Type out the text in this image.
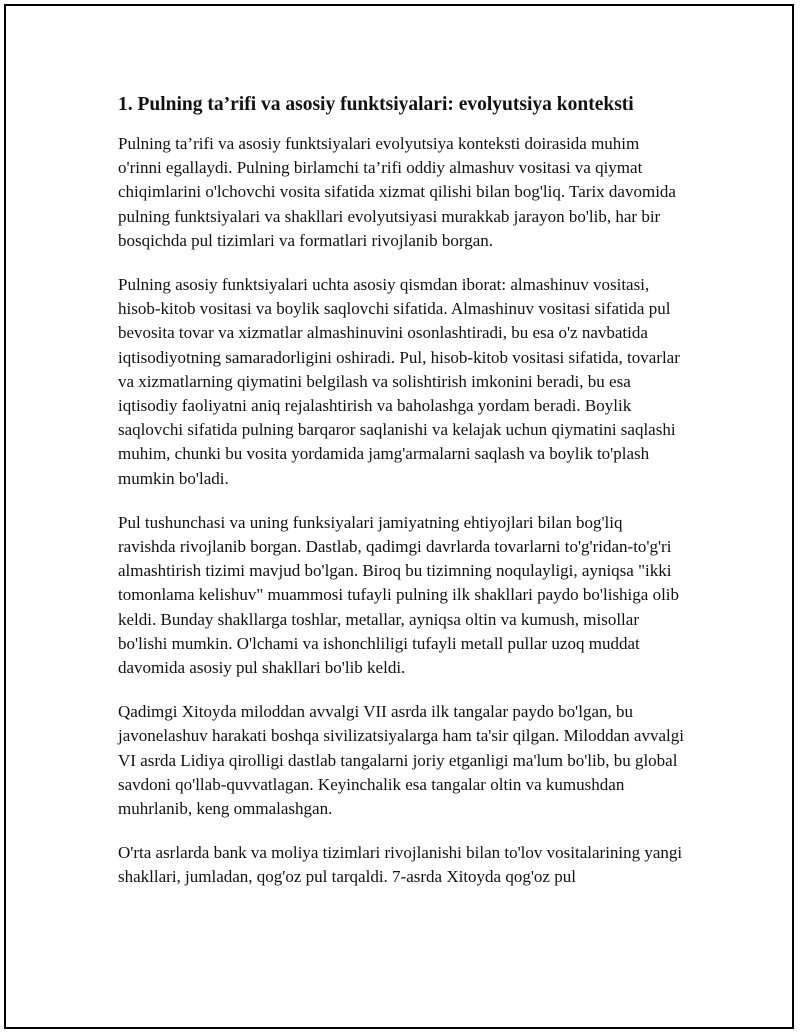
1. Pulning ta’rifi va asosiy funktsiyalari: evolyutsiya konteksti

Pulning ta’rifi va asosiy funktsiyalari evolyutsiya konteksti doirasida muhim o'rinni egallaydi. Pulning birlamchi ta’rifi oddiy almashuv vositasi va qiymat chiqimlarini o'lchovchi vosita sifatida xizmat qilishi bilan bog'liq. Tarix davomida pulning funktsiyalari va shakllari evolyutsiyasi murakkab jarayon bo'lib, har bir bosqichda pul tizimlari va formatlari rivojlanib borgan.

Pulning asosiy funktsiyalari uchta asosiy qismdan iborat: almashinuv vositasi, hisob-kitob vositasi va boylik saqlovchi sifatida. Almashinuv vositasi sifatida pul bevosita tovar va xizmatlar almashinuvini osonlashtiradi, bu esa o'z navbatida iqtisodiyotning samaradorligini oshiradi. Pul, hisob-kitob vositasi sifatida, tovarlar va xizmatlarning qiymatini belgilash va solishtirish imkonini beradi, bu esa iqtisodiy faoliyatni aniq rejalashtirish va baholashga yordam beradi. Boylik saqlovchi sifatida pulning barqaror saqlanishi va kelajak uchun qiymatini saqlashi muhim, chunki bu vosita yordamida jamg'armalarni saqlash va boylik to'plash mumkin bo'ladi.

Pul tushunchasi va uning funksiyalari jamiyatning ehtiyojlari bilan bog'liq ravishda rivojlanib borgan. Dastlab, qadimgi davrlarda tovarlarni to'g'ridan-to'g'ri almashtirish tizimi mavjud bo'lgan. Biroq bu tizimning noqulayligi, ayniqsa "ikki tomonlama kelishuv" muammosi tufayli pulning ilk shakllari paydo bo'lishiga olib keldi. Bunday shakllarga toshlar, metallar, ayniqsa oltin va kumush, misollar bo'lishi mumkin. O'lchami va ishonchliligi tufayli metall pullar uzoq muddat davomida asosiy pul shakllari bo'lib keldi.

Qadimgi Xitoyda miloddan avvalgi VII asrda ilk tangalar paydo bo'lgan, bu javonelashuv harakati boshqa sivilizatsiyalarga ham ta'sir qilgan. Miloddan avvalgi VI asrda Lidiya qirolligi dastlab tangalarni joriy etganligi ma'lum bo'lib, bu global savdoni qo'llab-quvvatlagan. Keyinchalik esa tangalar oltin va kumushdan muhrlanib, keng ommalashgan.

O'rta asrlarda bank va moliya tizimlari rivojlanishi bilan to'lov vositalarining yangi shakllari, jumladan, qog'oz pul tarqaldi. 7-asrda Xitoyda qog'oz pul
